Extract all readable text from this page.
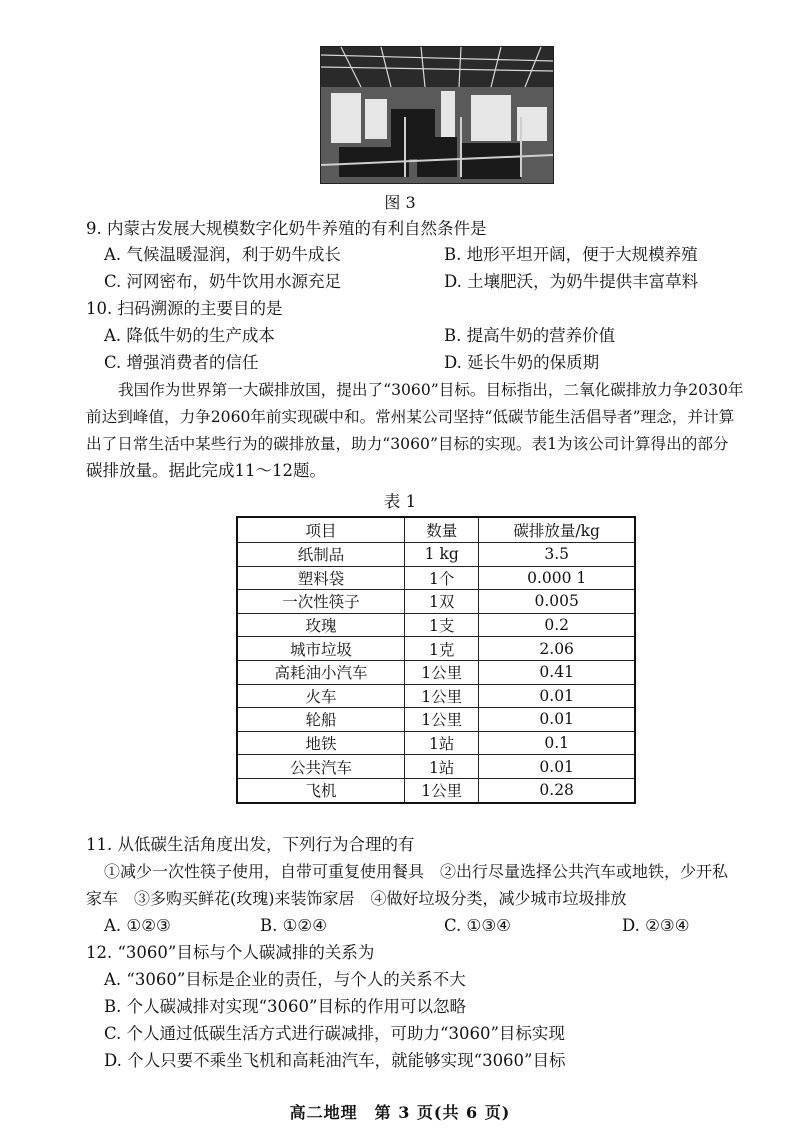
图 3
9. 内蒙古发展大规模数字化奶牛养殖的有利自然条件是
A. 气候温暖湿润，利于奶牛成长	B. 地形平坦开阔，便于大规模养殖
C. 河网密布，奶牛饮用水源充足	D. 土壤肥沃，为奶牛提供丰富草料
10. 扫码溯源的主要目的是
A. 降低牛奶的生产成本	B. 提高牛奶的营养价值
C. 增强消费者的信任	D. 延长牛奶的保质期
我国作为世界第一大碳排放国，提出了“3060”目标。目标指出，二氧化碳排放力争2030年
前达到峰值，力争2060年前实现碳中和。常州某公司坚持“低碳节能生活倡导者”理念，并计算
出了日常生活中某些行为的碳排放量，助力“3060”目标的实现。表1为该公司计算得出的部分
碳排放量。据此完成11～12题。
表 1
项目	数量	碳排放量/kg
纸制品	1 kg	3.5
塑料袋	1个	0.000 1
一次性筷子	1双	0.005
玫瑰	1支	0.2
城市垃圾	1克	2.06
高耗油小汽车	1公里	0.41
火车	1公里	0.01
轮船	1公里	0.01
地铁	1站	0.1
公共汽车	1站	0.01
飞机	1公里	0.28
11. 从低碳生活角度出发，下列行为合理的有
①减少一次性筷子使用，自带可重复使用餐具　②出行尽量选择公共汽车或地铁，少开私
家车　③多购买鲜花(玫瑰)来装饰家居　④做好垃圾分类，减少城市垃圾排放
A. ①②③	B. ①②④	C. ①③④	D. ②③④
12. “3060”目标与个人碳减排的关系为
A. “3060”目标是企业的责任，与个人的关系不大
B. 个人碳减排对实现“3060”目标的作用可以忽略
C. 个人通过低碳生活方式进行碳减排，可助力“3060”目标实现
D. 个人只要不乘坐飞机和高耗油汽车，就能够实现“3060”目标
高二地理　第 3 页(共 6 页)
